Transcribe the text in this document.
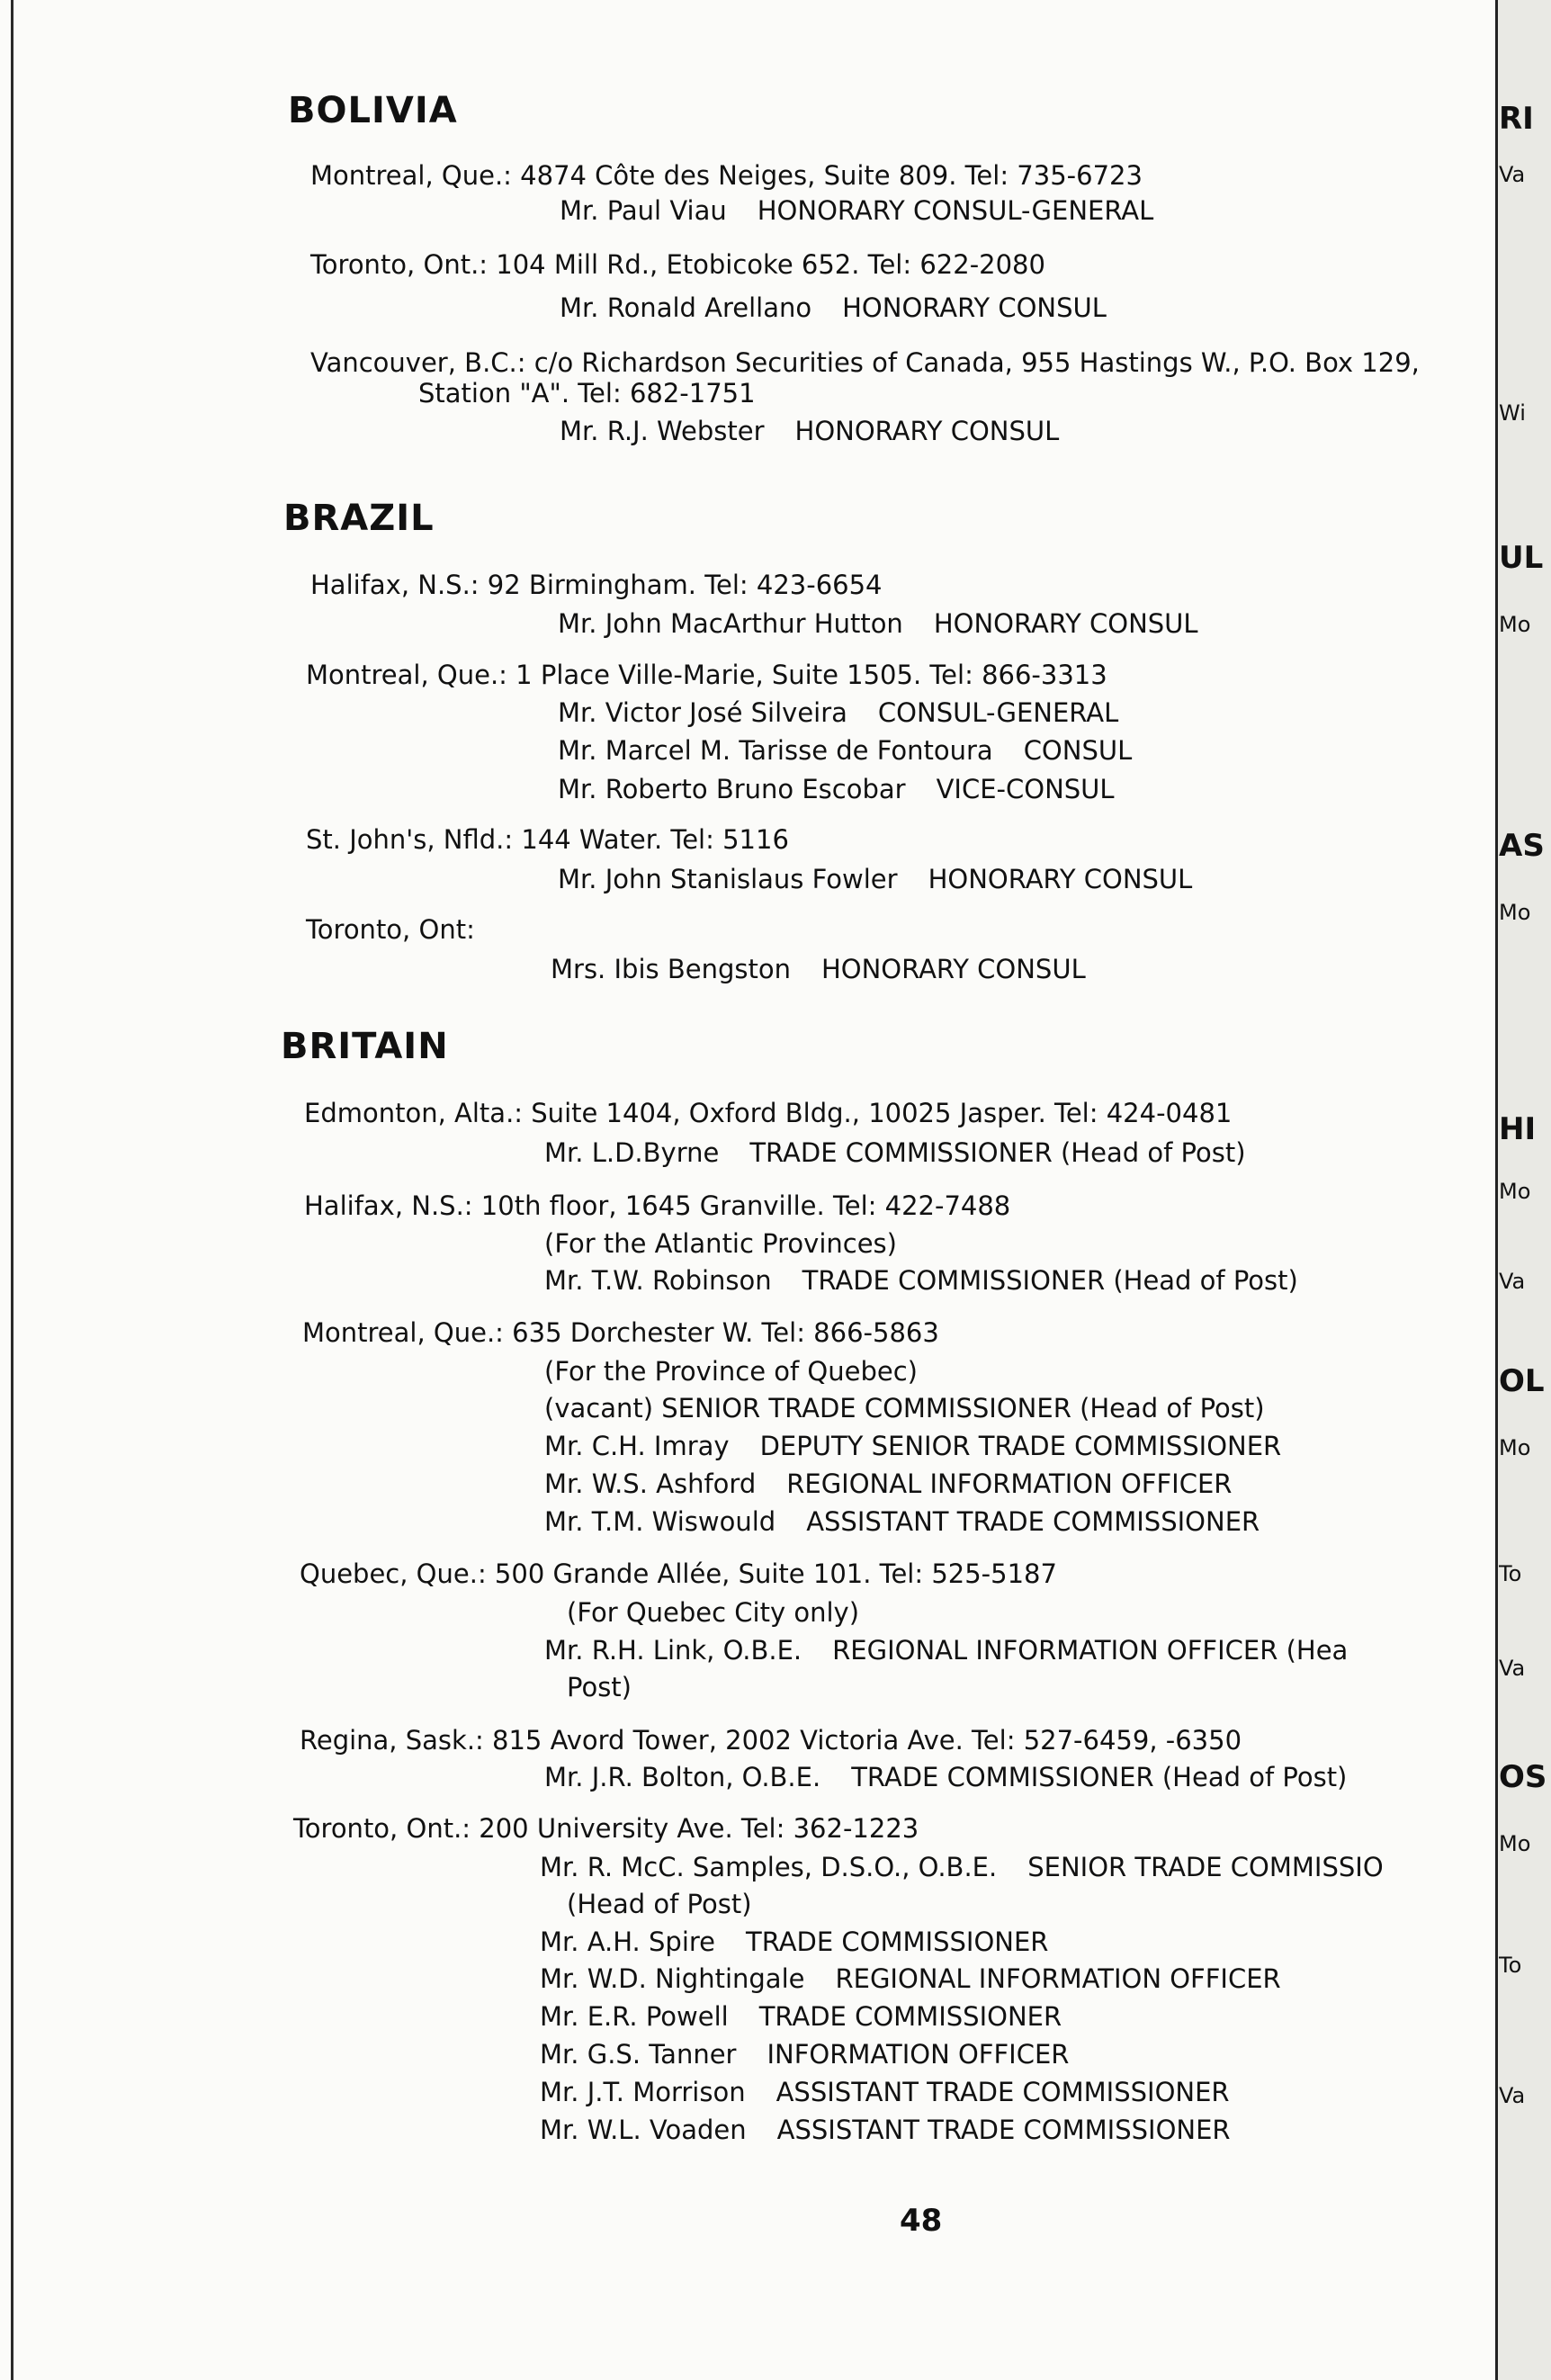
RI
Va
Wi
UL
Mo
AS
Mo
HI
Mo
Va
OL
Mo
To
Va
OS
Mo
To
Va
BOLIVIA
Montreal, Que.: 4874 Côte des Neiges, Suite 809. Tel: 735-6723
Mr. Paul Viau HONORARY CONSUL-GENERAL
Toronto, Ont.: 104 Mill Rd., Etobicoke 652. Tel: 622-2080
Mr. Ronald Arellano HONORARY CONSUL
Vancouver, B.C.: c/o Richardson Securities of Canada, 955 Hastings W., P.O. Box 129,
Station "A". Tel: 682-1751
Mr. R.J. Webster HONORARY CONSUL
BRAZIL
Halifax, N.S.: 92 Birmingham. Tel: 423-6654
Mr. John MacArthur Hutton HONORARY CONSUL
Montreal, Que.: 1 Place Ville-Marie, Suite 1505. Tel: 866-3313
Mr. Victor José Silveira CONSUL-GENERAL
Mr. Marcel M. Tarisse de Fontoura CONSUL
Mr. Roberto Bruno Escobar VICE-CONSUL
St. John's, Nfld.: 144 Water. Tel: 5116
Mr. John Stanislaus Fowler HONORARY CONSUL
Toronto, Ont:
Mrs. Ibis Bengston HONORARY CONSUL
BRITAIN
Edmonton, Alta.: Suite 1404, Oxford Bldg., 10025 Jasper. Tel: 424-0481
Mr. L.D.Byrne TRADE COMMISSIONER (Head of Post)
Halifax, N.S.: 10th floor, 1645 Granville. Tel: 422-7488
(For the Atlantic Provinces)
Mr. T.W. Robinson TRADE COMMISSIONER (Head of Post)
Montreal, Que.: 635 Dorchester W. Tel: 866-5863
(For the Province of Quebec)
(vacant) SENIOR TRADE COMMISSIONER (Head of Post)
Mr. C.H. Imray DEPUTY SENIOR TRADE COMMISSIONER
Mr. W.S. Ashford REGIONAL INFORMATION OFFICER
Mr. T.M. Wiswould ASSISTANT TRADE COMMISSIONER
Quebec, Que.: 500 Grande Allée, Suite 101. Tel: 525-5187
(For Quebec City only)
Mr. R.H. Link, O.B.E. REGIONAL INFORMATION OFFICER (Hea
Post)
Regina, Sask.: 815 Avord Tower, 2002 Victoria Ave. Tel: 527-6459, -6350
Mr. J.R. Bolton, O.B.E. TRADE COMMISSIONER (Head of Post)
Toronto, Ont.: 200 University Ave. Tel: 362-1223
Mr. R. McC. Samples, D.S.O., O.B.E. SENIOR TRADE COMMISSIO
(Head of Post)
Mr. A.H. Spire TRADE COMMISSIONER
Mr. W.D. Nightingale REGIONAL INFORMATION OFFICER
Mr. E.R. Powell TRADE COMMISSIONER
Mr. G.S. Tanner INFORMATION OFFICER
Mr. J.T. Morrison ASSISTANT TRADE COMMISSIONER
Mr. W.L. Voaden ASSISTANT TRADE COMMISSIONER
48
